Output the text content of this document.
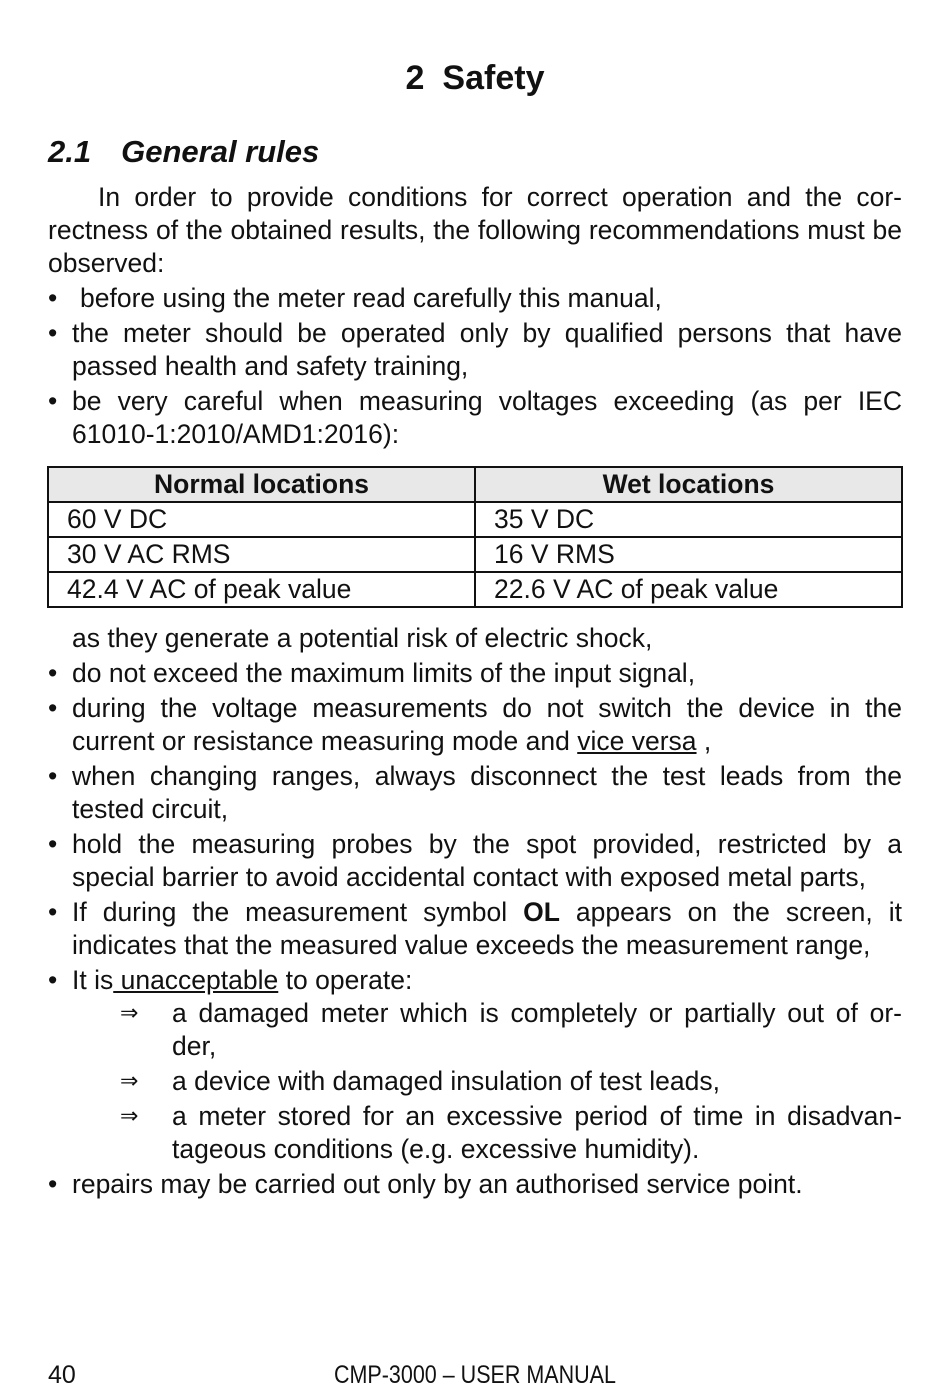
2 Safety
2.1 General rules

In order to provide conditions for correct operation and the cor-rectness of the obtained results, the following recommendations must be observed:

• before using the meter read carefully this manual,
• the meter should be operated only by qualified persons that have passed health and safety training,
• be very careful when measuring voltages exceeding (as per IEC 61010-1:2010/AMD1:2016):
Normal locations	Wet locations
60 V DC	35 V DC
30 V AC RMS	16 V RMS
42.4 V AC of peak value	22.6 V AC of peak value
as they generate a potential risk of electric shock,
• do not exceed the maximum limits of the input signal,
• during the voltage measurements do not switch the device in the current or resistance measuring mode and vice versa ,
• when changing ranges, always disconnect the test leads from the tested circuit,
• hold the measuring probes by the spot provided, restricted by a special barrier to avoid accidental contact with exposed metal parts,
• If during the measurement symbol OL appears on the screen, it indicates that the measured value exceeds the measurement range,
• It is unacceptable to operate:
⇒ a damaged meter which is completely or partially out of or-der,
⇒ a device with damaged insulation of test leads,
⇒ a meter stored for an excessive period of time in disadvan-tageous conditions (e.g. excessive humidity).
• repairs may be carried out only by an authorised service point.
40	CMP-3000 – USER MANUAL
